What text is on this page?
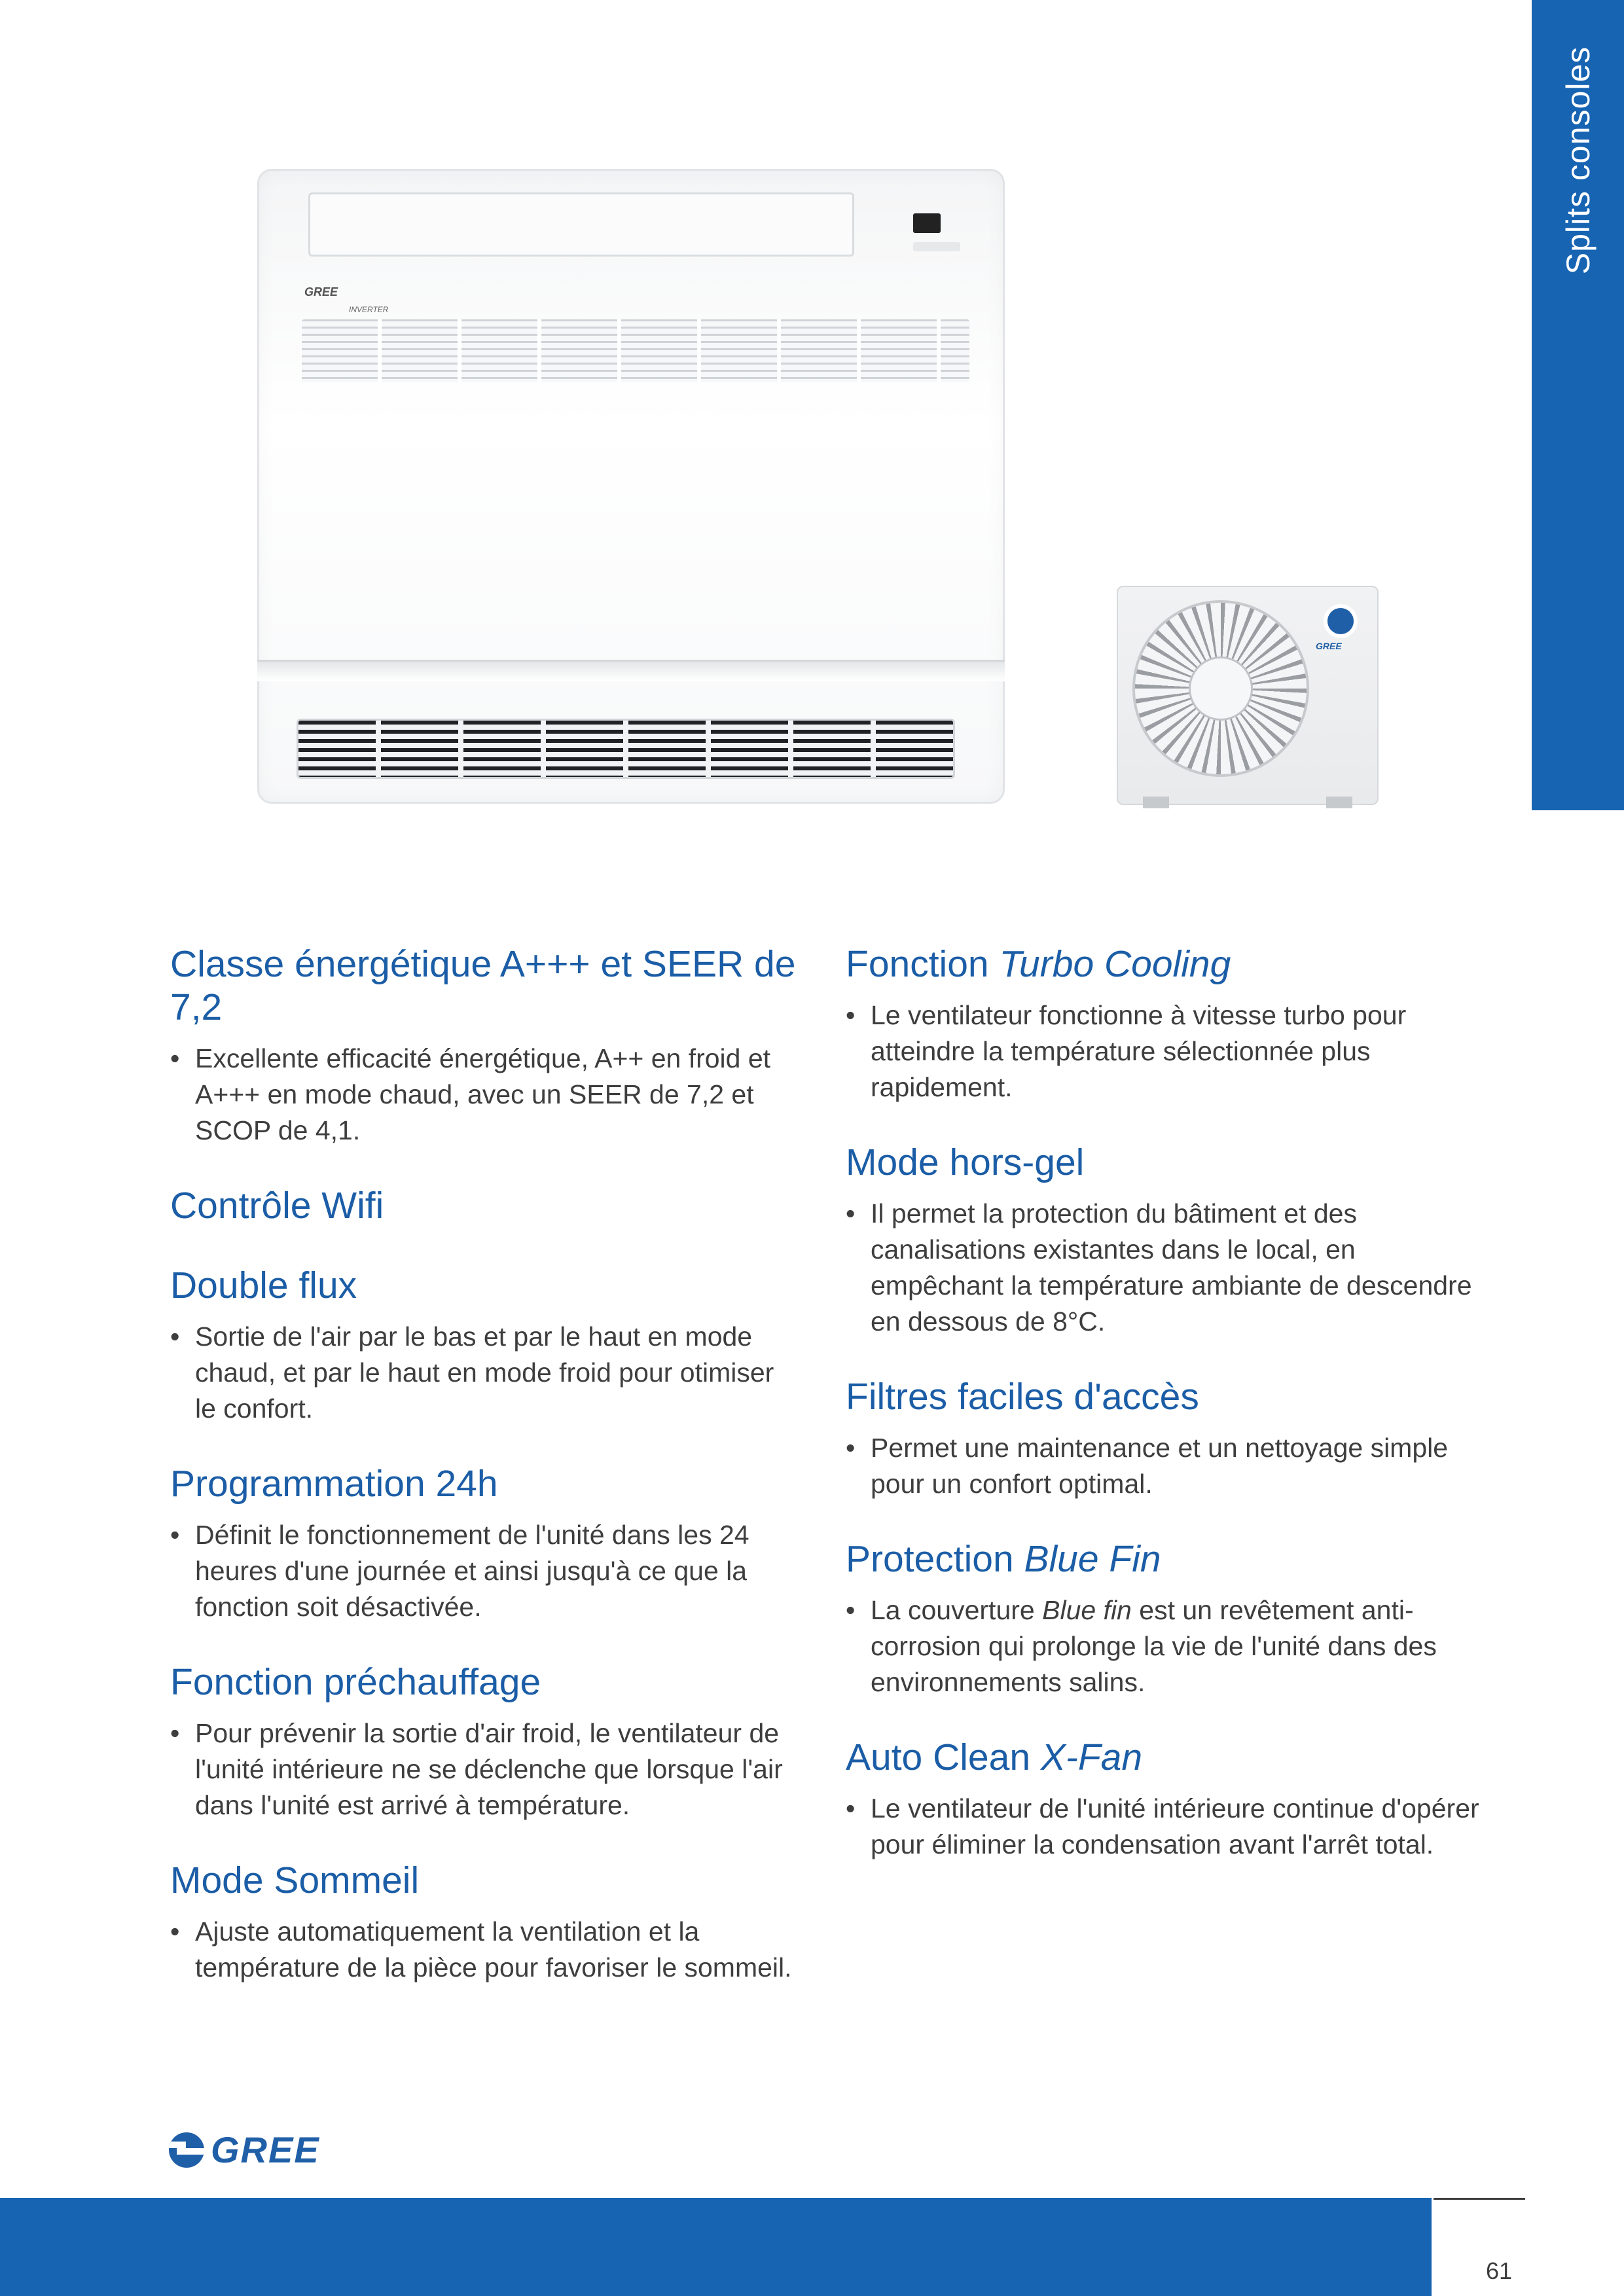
Splits consoles
GREE
INVERTER
GREE
Classe énergétique A+++ et SEER de 7,2
• Excellente efficacité énergétique, A++ en froid et A+++ en mode chaud, avec un SEER de 7,2 et SCOP de 4,1.
Contrôle Wifi
Double flux
• Sortie de l'air par le bas et par le haut en mode chaud, et par le haut en mode froid pour otimiser le confort.
Programmation 24h
• Définit le fonctionnement de l'unité dans les 24 heures d'une journée et ainsi jusqu'à ce que la fonction soit désactivée.
Fonction préchauffage
• Pour prévenir la sortie d'air froid, le ventilateur de l'unité intérieure ne se déclenche que lorsque l'air dans l'unité est arrivé à température.
Mode Sommeil
• Ajuste automatiquement la ventilation et la température de la pièce pour favoriser le sommeil.
Fonction Turbo Cooling
• Le ventilateur fonctionne à vitesse turbo pour atteindre la température sélectionnée plus rapidement.
Mode hors-gel
• Il permet la protection du bâtiment et des canalisations existantes dans le local, en empêchant la température ambiante de descendre en dessous de 8°C.
Filtres faciles d'accès
• Permet une maintenance et un nettoyage simple pour un confort optimal.
Protection Blue Fin
• La couverture Blue fin est un revêtement anti-corrosion qui prolonge la vie de l'unité dans des environnements salins.
Auto Clean X-Fan
• Le ventilateur de l'unité intérieure continue d'opérer pour éliminer la condensation avant l'arrêt total.
GREE
61
